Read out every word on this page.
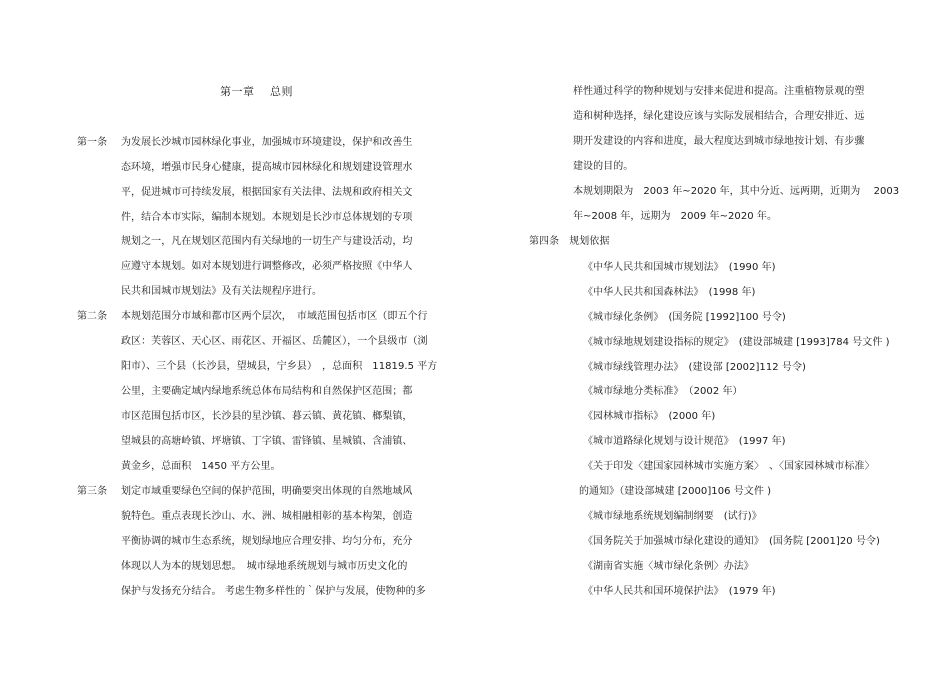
第一章　 总则
第一条 为发展长沙城市园林绿化事业，加强城市环境建设，保护和改善生
态环境，增强市民身心健康，提高城市园林绿化和规划建设管理水
平，促进城市可持续发展，根据国家有关法律、法规和政府相关文
件，结合本市实际，编制本规划。本规划是长沙市总体规划的专项
规划之一，凡在规划区范围内有关绿地的一切生产与建设活动，均
应遵守本规划。如对本规划进行调整修改，必须严格按照《中华人
民共和国城市规划法》及有关法规程序进行。
第二条 本规划范围分市域和都市区两个层次，　市域范围包括市区（即五个行
政区：芙蓉区、天心区、雨花区、开福区、岳麓区），一个县级市（浏
阳市）、三个县（长沙县，望城县，宁乡县）　，总面积　11819.5 平方
公里，主要确定域内绿地系统总体布局结构和自然保护区范围；都
市区范围包括市区，长沙县的星沙镇、暮云镇、黄花镇、榔梨镇，
望城县的高塘岭镇、坪塘镇、丁字镇、雷锋镇、星城镇、含浦镇、
黄金乡，总面积　1450 平方公里。
第三条 划定市域重要绿色空间的保护范围，明确要突出体现的自然地域风
貌特色。重点表现长沙山、水、洲、城相融相彰的基本构架，创造
平衡协调的城市生态系统，规划绿地应合理安排、均匀分布，充分
体现以人为本的规划思想。　城市绿地系统规划与城市历史文化的
保护与发扬充分结合。 考虑生物多样性的｀保护与发展，使物种的多
样性通过科学的物种规划与安排来促进和提高。注重植物景观的塑
造和树种选择，绿化建设应该与实际发展相结合，合理安排近、远
期开发建设的内容和进度，最大程度达到城市绿地按计划、有步骤
建设的目的。
本规划期限为　2003 年~2020 年，其中分近、远两期，近期为　 2003
年~2008 年，远期为　2009 年~2020 年。
第四条　规划依据
《中华人民共和国城市规划法》　(1990 年)
《中华人民共和国森林法》　(1998 年)
《城市绿化条例》　(国务院 [1992]100 号令)
《城市绿地规划建设指标的规定》　(建设部城建 [1993]784 号文件 )
《城市绿线管理办法》　(建设部 [2002]112 号令)
《城市绿地分类标准》　（2002 年）
《园林城市指标》　(2000 年)
《城市道路绿化规划与设计规范》　(1997 年)
《关于印发〈建国家园林城市实施方案〉　、〈国家园林城市标准〉
的通知》（建设部城建 [2000]106 号文件 )
《城市绿地系统规划编制纲要　(试行)》
《国务院关于加强城市绿化建设的通知》　(国务院 [2001]20 号令)
《湖南省实施〈城市绿化条例〉办法》
《中华人民共和国环境保护法》　(1979 年)
